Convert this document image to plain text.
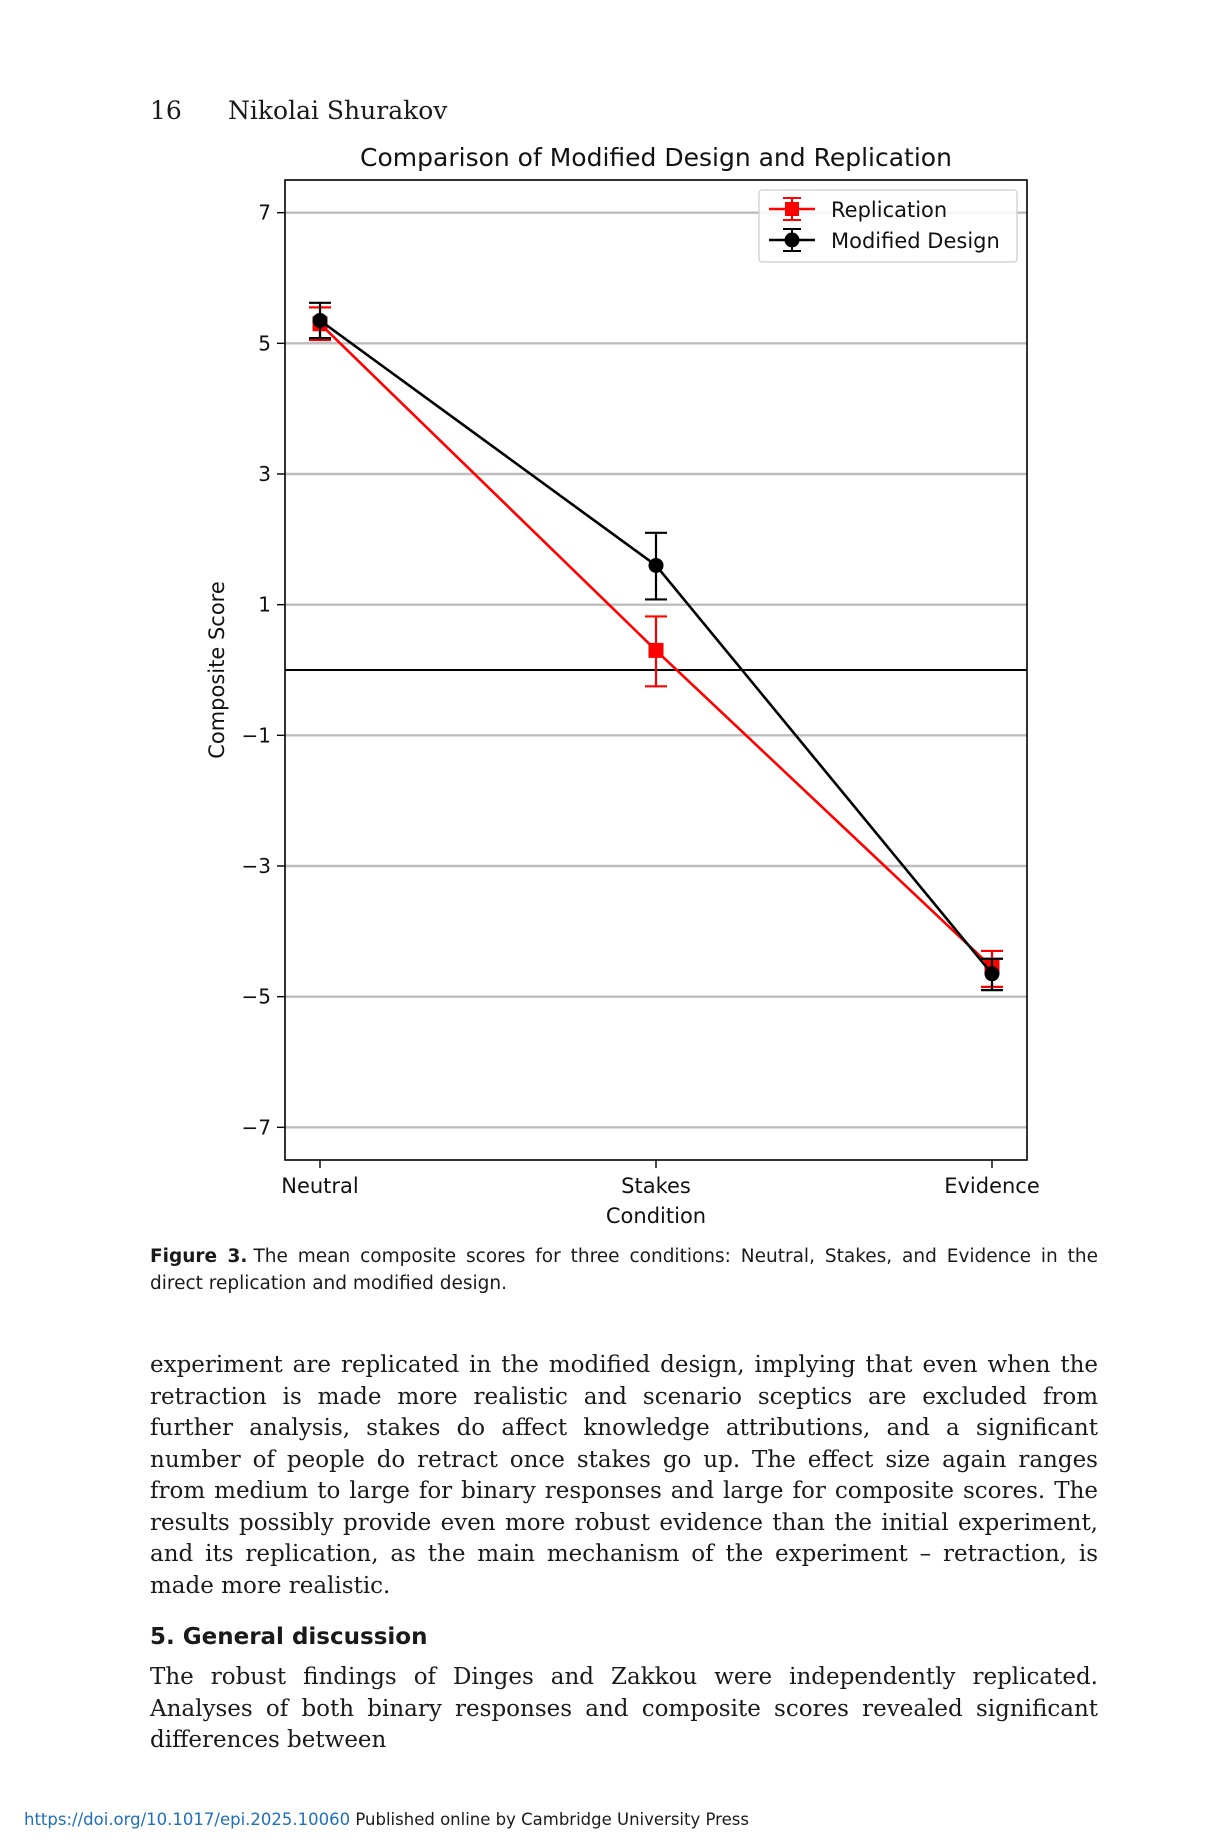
16 Nikolai Shurakov
7
5
3
1
−1
−3
−5
−7
Neutral	Stakes	Evidence
Comparison of Modified Design and Replication
Condition
Composite Score
Replication
Modified Design
Figure 3. The mean composite scores for three conditions: Neutral, Stakes, and Evidence in the direct replication and modified design.

experiment are replicated in the modified design, implying that even when the retraction is made more realistic and scenario sceptics are excluded from further analysis, stakes do affect knowledge attributions, and a significant number of people do retract once stakes go up. The effect size again ranges from medium to large for binary responses and large for composite scores. The results possibly provide even more robust evidence than the initial experiment, and its replication, as the main mechanism of the experiment – retraction, is made more realistic.

5. General discussion

The robust findings of Dinges and Zakkou were independently replicated. Analyses of both binary responses and composite scores revealed significant differences between

https://doi.org/10.1017/epi.2025.10060 Published online by Cambridge University Press
